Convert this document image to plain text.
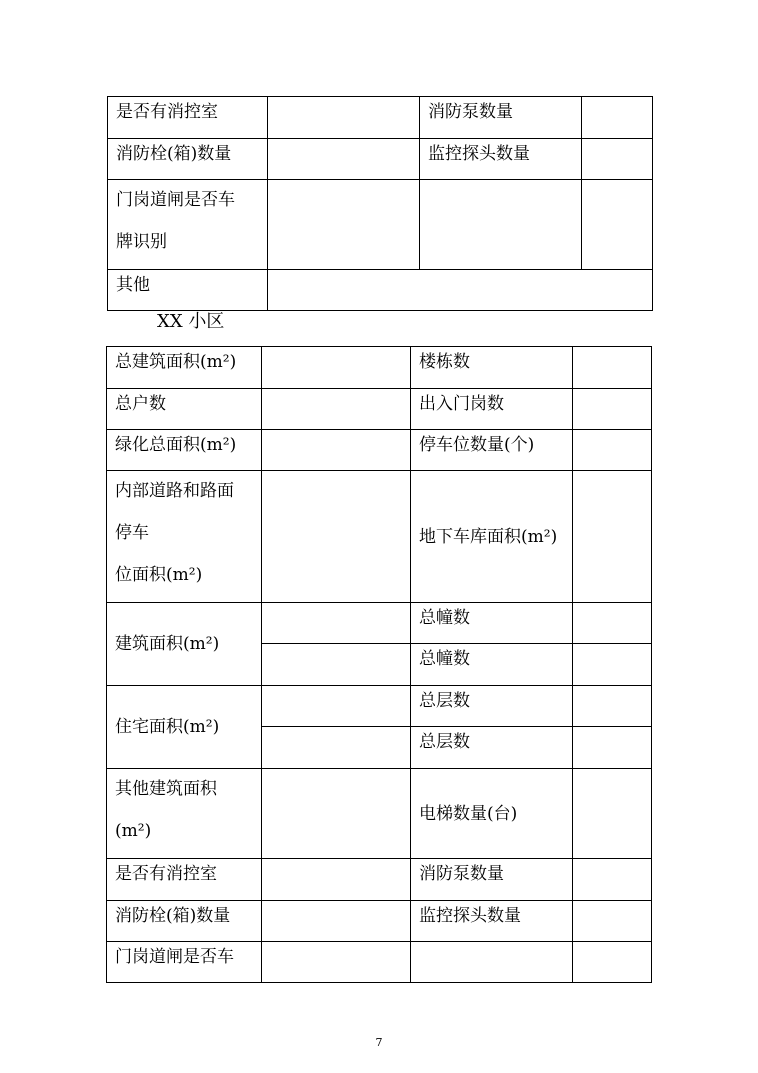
是否有消控室		消防泵数量	
消防栓(箱)数量		监控探头数量	

门岗道闸是否车
牌识别			

其他			
XX 小区
总建筑面积(m²)		楼栋数	
总户数		出入门岗数	
绿化总面积(m²)		停车位数量(个)	

内部道路和路面
停车
位面积(m²)		地下车库面积(m²)	
建筑面积(m²)		总幢数	
		总幢数	
住宅面积(m²)		总层数	
		总层数	

其他建筑面积
(m²)		电梯数量(台)	
是否有消控室		消防泵数量	
消防栓(箱)数量		监控探头数量	
门岗道闸是否车			
7
